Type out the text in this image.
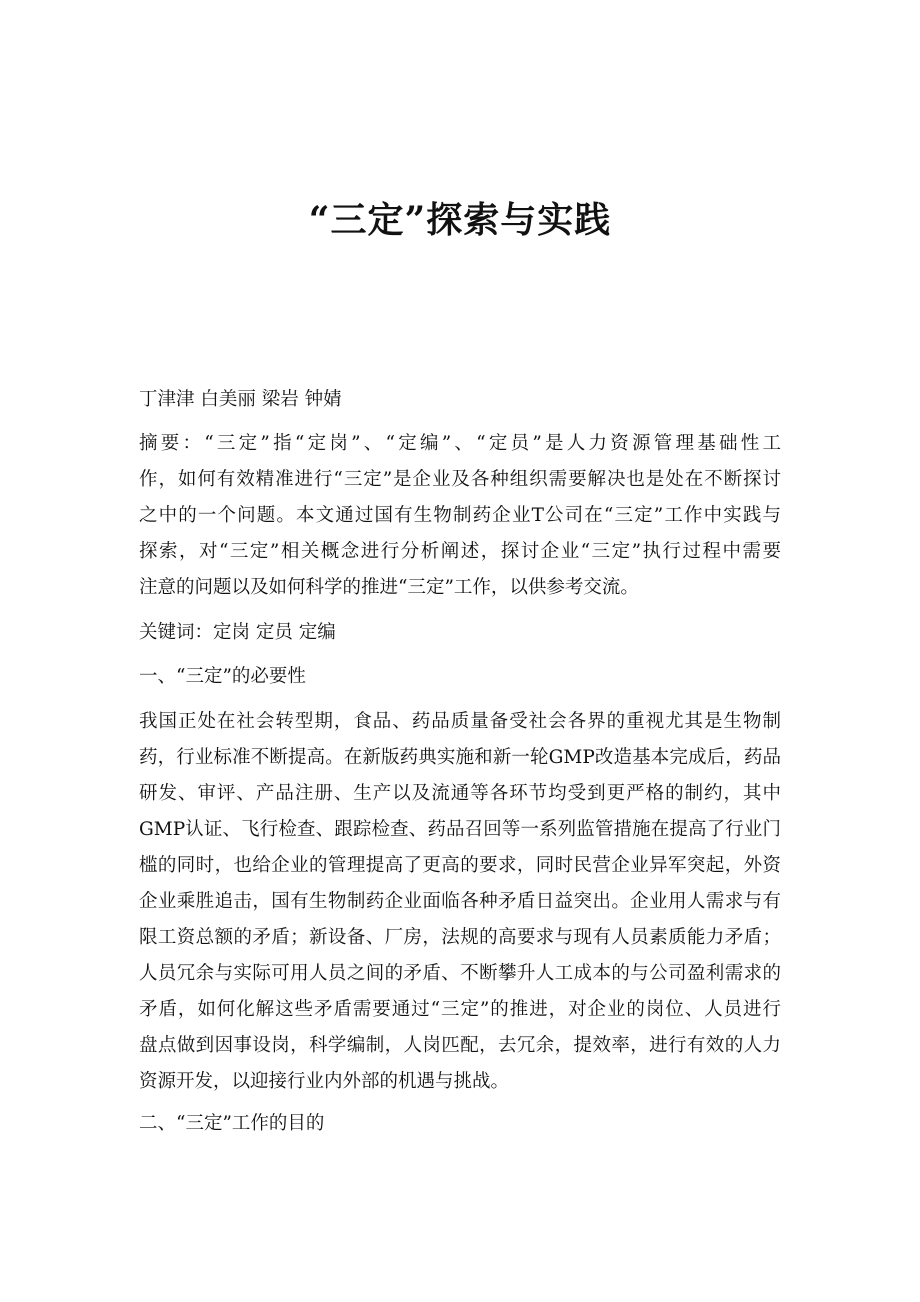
“三定”探索与实践
丁津津 白美丽 梁岩 钟婧
摘要：“三定”指“定岗”、“定编”、“定员”是人力资源管理基础性工
作，如何有效精准进行“三定”是企业及各种组织需要解决也是处在不断探讨
之中的一个问题。本文通过国有生物制药企业T公司在“三定”工作中实践与
探索，对“三定”相关概念进行分析阐述，探讨企业“三定”执行过程中需要
注意的问题以及如何科学的推进“三定”工作，以供参考交流。
关键词：定岗 定员 定编
一、“三定”的必要性
我国正处在社会转型期，食品、药品质量备受社会各界的重视尤其是生物制
药，行业标准不断提高。在新版药典实施和新一轮GMP改造基本完成后，药品
研发、审评、产品注册、生产以及流通等各环节均受到更严格的制约，其中
GMP认证、飞行检查、跟踪检查、药品召回等一系列监管措施在提高了行业门
槛的同时，也给企业的管理提高了更高的要求，同时民营企业异军突起，外资
企业乘胜追击，国有生物制药企业面临各种矛盾日益突出。企业用人需求与有
限工资总额的矛盾；新设备、厂房，法规的高要求与现有人员素质能力矛盾；
人员冗余与实际可用人员之间的矛盾、不断攀升人工成本的与公司盈利需求的
矛盾，如何化解这些矛盾需要通过“三定”的推进，对企业的岗位、人员进行
盘点做到因事设岗，科学编制，人岗匹配，去冗余，提效率，进行有效的人力
资源开发，以迎接行业内外部的机遇与挑战。
二、“三定”工作的目的
